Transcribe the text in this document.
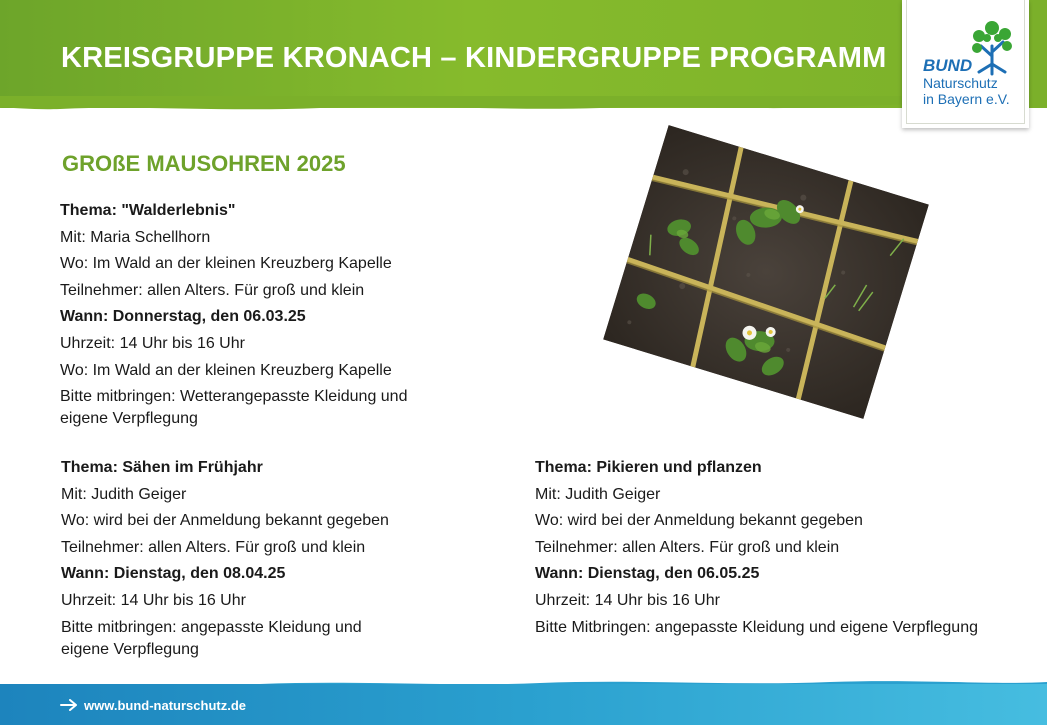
KREISGRUPPE KRONACH – KINDERGRUPPE PROGRAMM BUND
Naturschutz
in Bayern e.V.
GROßE MAUSOHREN 2025
Thema: "Walderlebnis"
Mit: Maria Schellhorn
Wo: Im Wald an der kleinen Kreuzberg Kapelle
Teilnehmer: allen Alters. Für groß und klein
Wann: Donnerstag, den 06.03.25
Uhrzeit: 14 Uhr bis 16 Uhr
Wo: Im Wald an der kleinen Kreuzberg Kapelle
Bitte mitbringen: Wetterangepasste Kleidung und eigene Verpflegung
Thema: Sähen im Frühjahr
Mit: Judith Geiger
Wo: wird bei der Anmeldung bekannt gegeben
Teilnehmer: allen Alters. Für groß und klein
Wann: Dienstag, den 08.04.25
Uhrzeit: 14 Uhr bis 16 Uhr
Bitte mitbringen: angepasste Kleidung und eigene Verpflegung
Thema: Pikieren und pflanzen
Mit: Judith Geiger
Wo: wird bei der Anmeldung bekannt gegeben
Teilnehmer: allen Alters. Für groß und klein
Wann: Dienstag, den 06.05.25
Uhrzeit: 14 Uhr bis 16 Uhr
Bitte Mitbringen: angepasste Kleidung und eigene Verpflegung
www.bund-naturschutz.de
